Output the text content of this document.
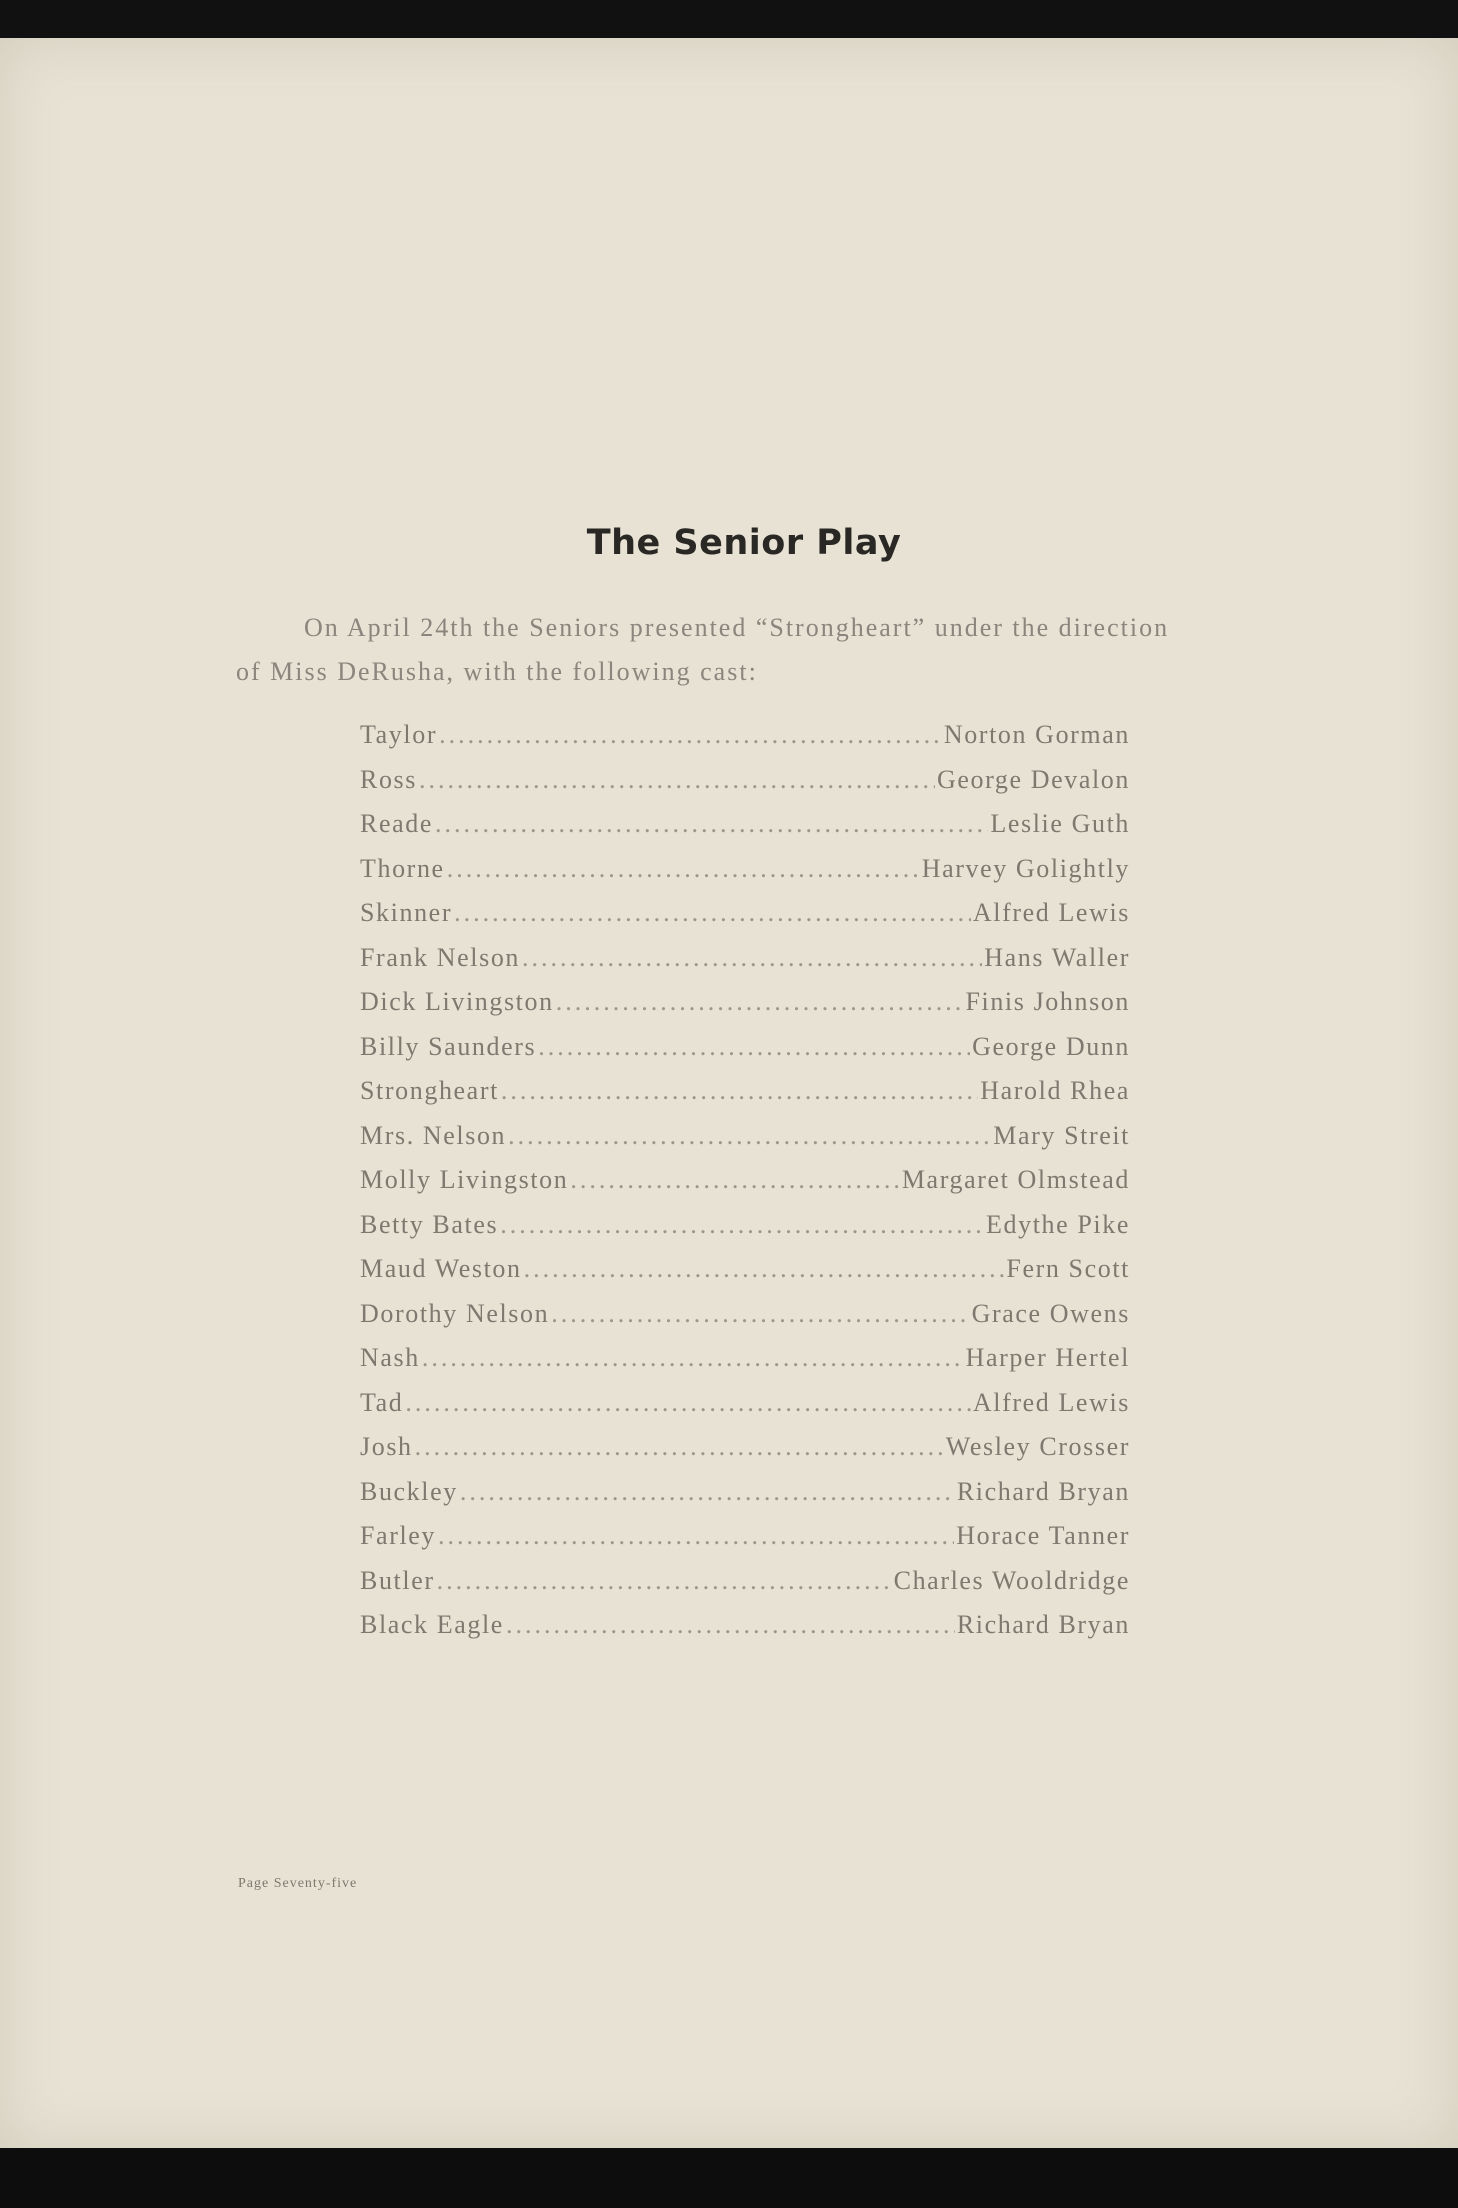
The Senior Play

On April 24th the Seniors presented “Strongheart” under the direction
of Miss DeRusha, with the following cast:

Taylor .....	Norton Gorman
Ross .....	George Devalon
Reade .....	Leslie Guth
Thorne .....	Harvey Golightly
Skinner .....	Alfred Lewis
Frank Nelson .....	Hans Waller
Dick Livingston .....	Finis Johnson
Billy Saunders .....	George Dunn
Strongheart .....	Harold Rhea
Mrs. Nelson .....	Mary Streit
Molly Livingston .....	Margaret Olmstead
Betty Bates .....	Edythe Pike
Maud Weston .....	Fern Scott
Dorothy Nelson .....	Grace Owens
Nash .....	Harper Hertel
Tad .....	Alfred Lewis
Josh .....	Wesley Crosser
Buckley .....	Richard Bryan
Farley .....	Horace Tanner
Butler .....	Charles Wooldridge
Black Eagle .....	Richard Bryan
Page Seventy-five
